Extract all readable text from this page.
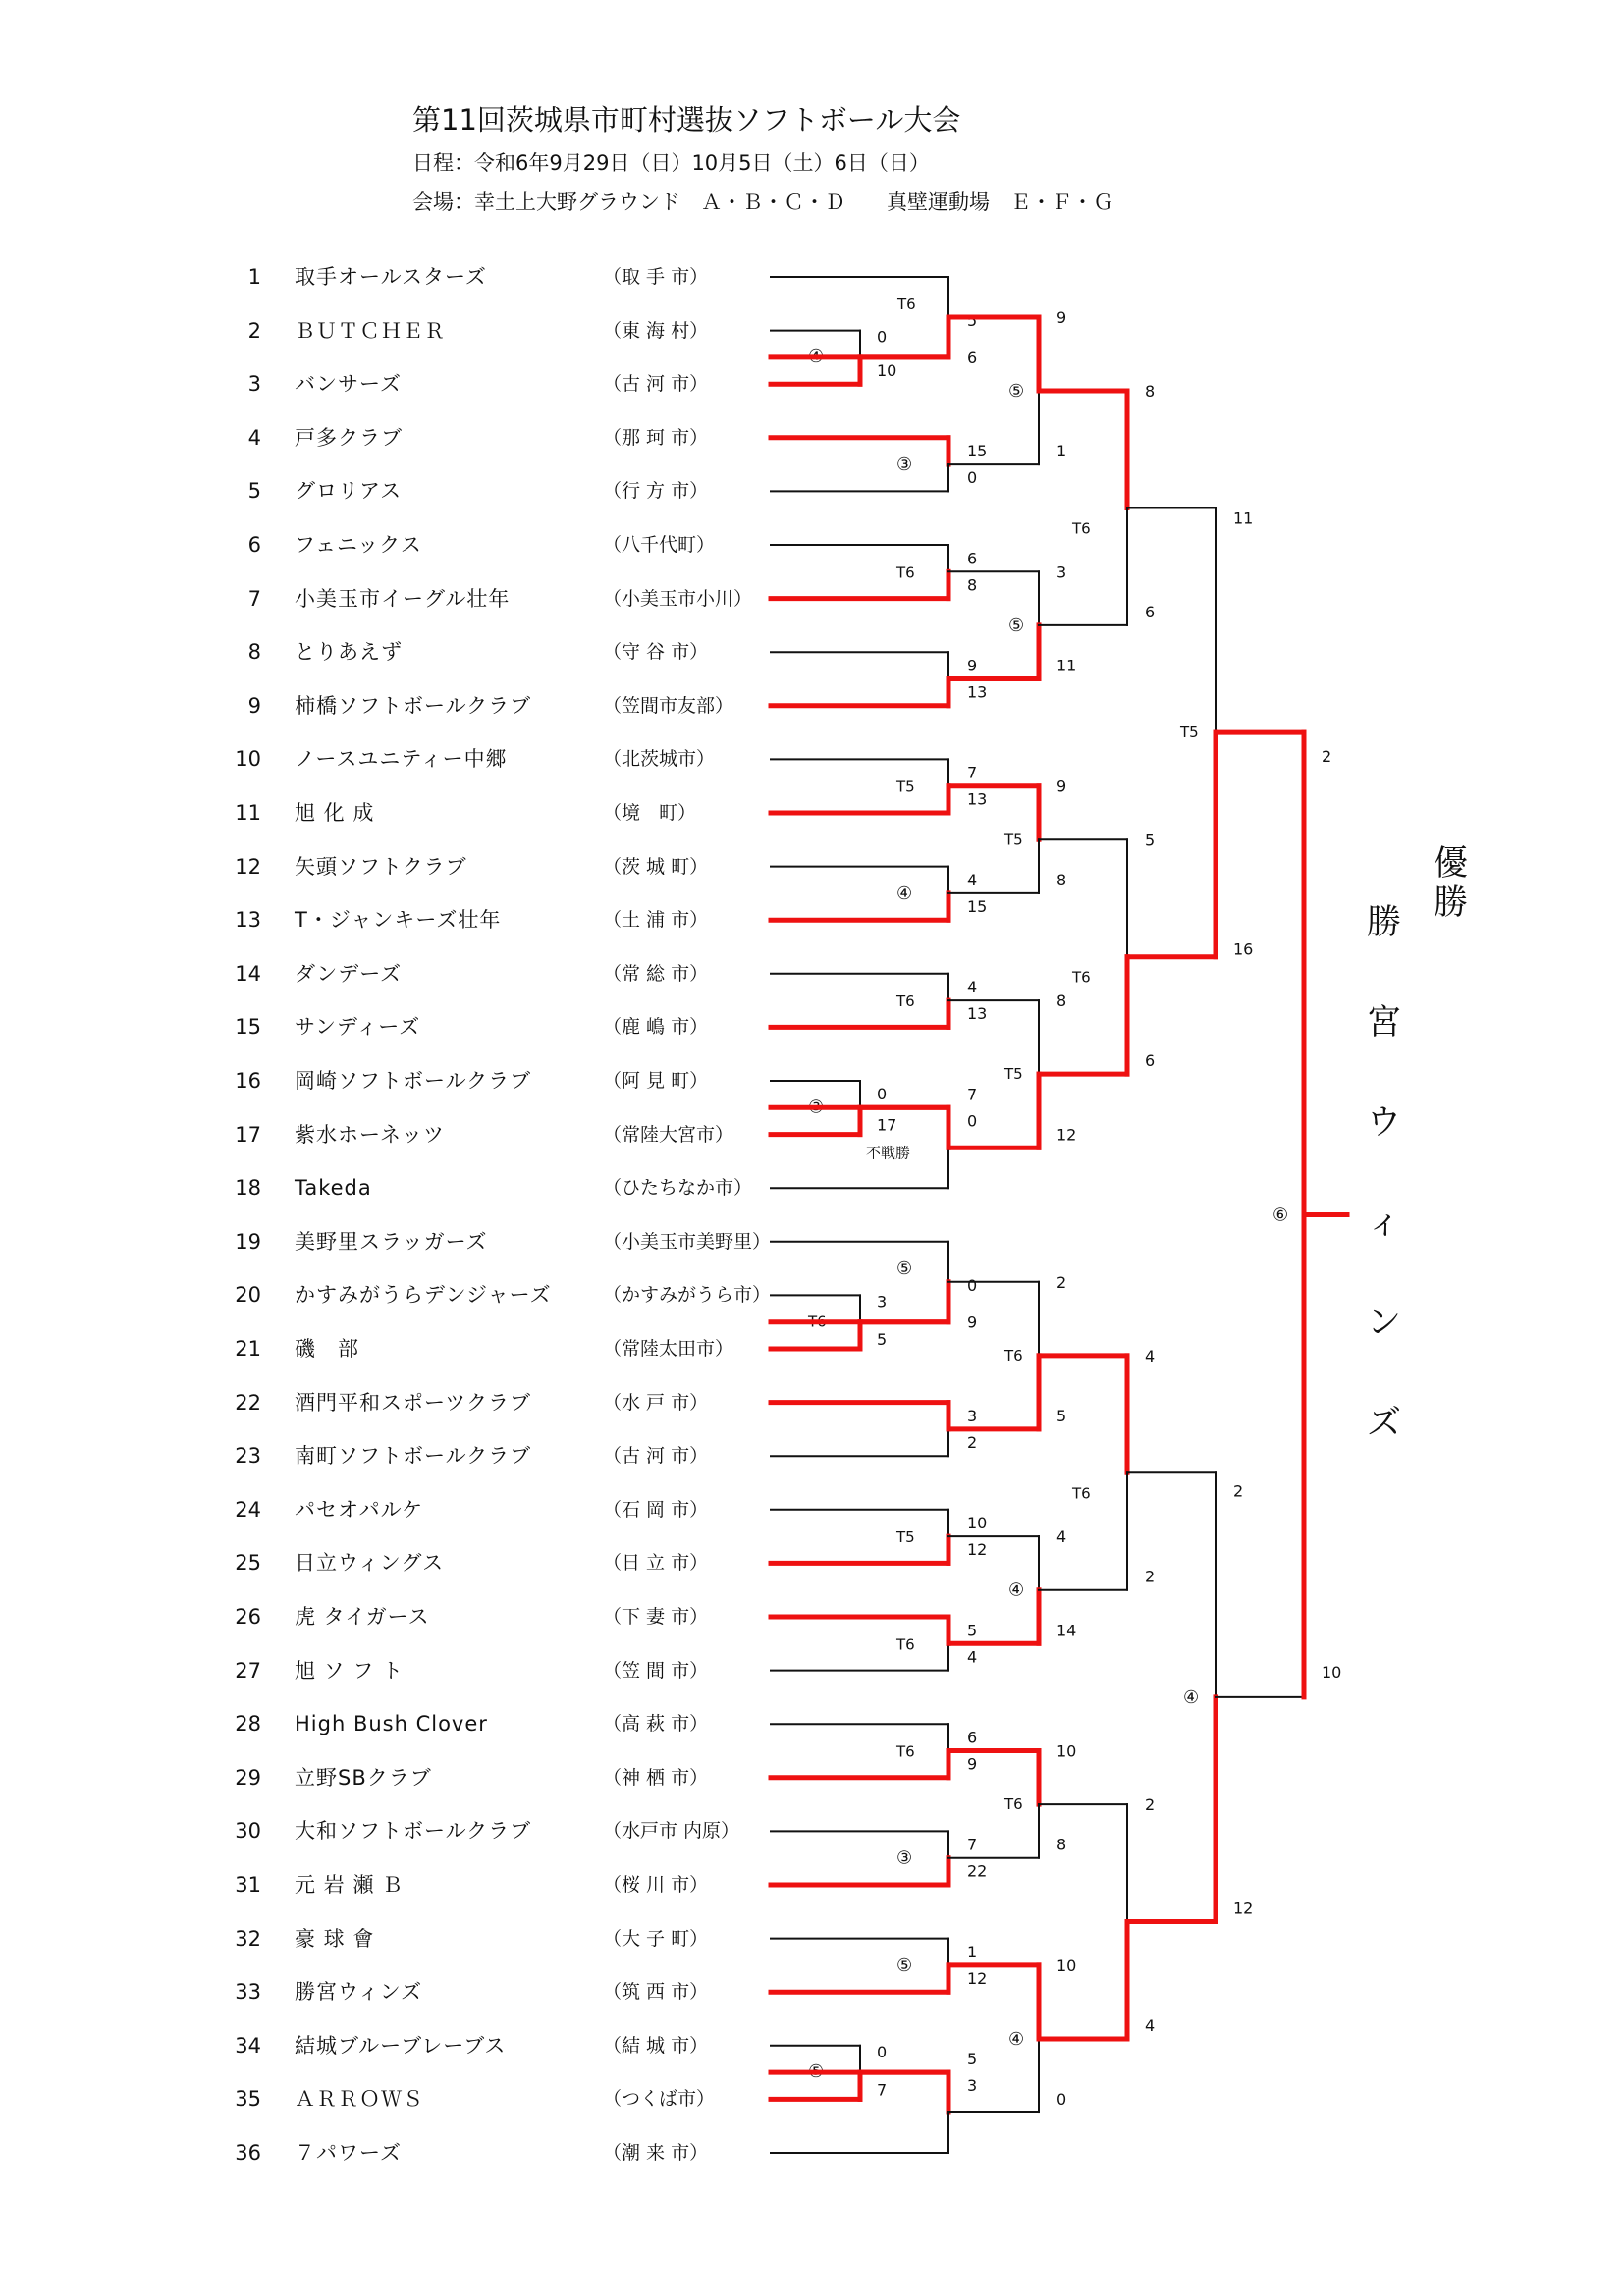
第11回茨城県市町村選抜ソフトボール大会
日程：令和6年9月29日（日）10月5日（土）6日（日）
会場：幸土上大野グラウンド　Ａ・Ｂ・Ｃ・Ｄ　　真壁運動場　Ｅ・Ｆ・Ｇ
1 取手オールスターズ	（取 手 市）
2 ＢＵＴＣＨＥＲ	（東 海 村）
3 バンサーズ	（古 河 市）
4 戸多クラブ	（那 珂 市）
5 グロリアス	（行 方 市）
6 フェニックス	（八千代町）
7 小美玉市イーグル壮年	（小美玉市小川）
8 とりあえず	（守 谷 市）
9 柿橋ソフトボールクラブ	（笠間市友部）
10 ノースユニティー中郷	（北茨城市）
11 旭 化 成	（境　町）
12 矢頭ソフトクラブ	（茨 城 町）
13 T・ジャンキーズ壮年	（土 浦 市）
14 ダンデーズ	（常 総 市）
15 サンディーズ	（鹿 嶋 市）
16 岡崎ソフトボールクラブ	（阿 見 町）
17 紫水ホーネッツ	（常陸大宮市）
18 Takeda	（ひたちなか市）
19 美野里スラッガーズ	（小美玉市美野里）
20 かすみがうらデンジャーズ	（かすみがうら市）
21 磯　部	（常陸太田市）
22 酒門平和スポーツクラブ	（水 戸 市）
23 南町ソフトボールクラブ	（古 河 市）
24 パセオパルケ	（石 岡 市）
25 日立ウィングス	（日 立 市）
26 虎 タイガース	（下 妻 市）
27 旭 ソ フ ト	（笠 間 市）
28 High Bush Clover	（高 萩 市）
29 立野SBクラブ	（神 栖 市）
30 大和ソフトボールクラブ	（水戸市 内原）
31 元 岩 瀬 Ｂ	（桜 川 市）
32 豪 球 會	（大 子 町）
33 勝宮ウィンズ	（筑 西 市）
34 結城ブルーブレーブス	（結 城 市）
35 ＡＲＲＯＷＳ	（つくば市）
36 ７パワーズ	（潮 来 市）
④
0
10
T6
5
6
③
15
0
⑤
9
1
T6
6
8
9
13
⑤
3
11
T6
8
6
T5
7
13
④
4
15
T5
9
8
T6
4
13
③
0
17
不戦勝
7
0
T5
8
12
T6
5
6
T5
11
16
T6
3
5
⑤
0
9
3
2
T6
2
5
T5
10
12
T6
5
4
④
4
14
T6
4
2
T6
6
9
③
7
22
T6
10
8
⑤
1
12
⑤
0
7
5
3
④
10
0
2
4
④
2
12
⑥
2
10
優
勝
勝
宮
ウ
ィ
ン
ズ
